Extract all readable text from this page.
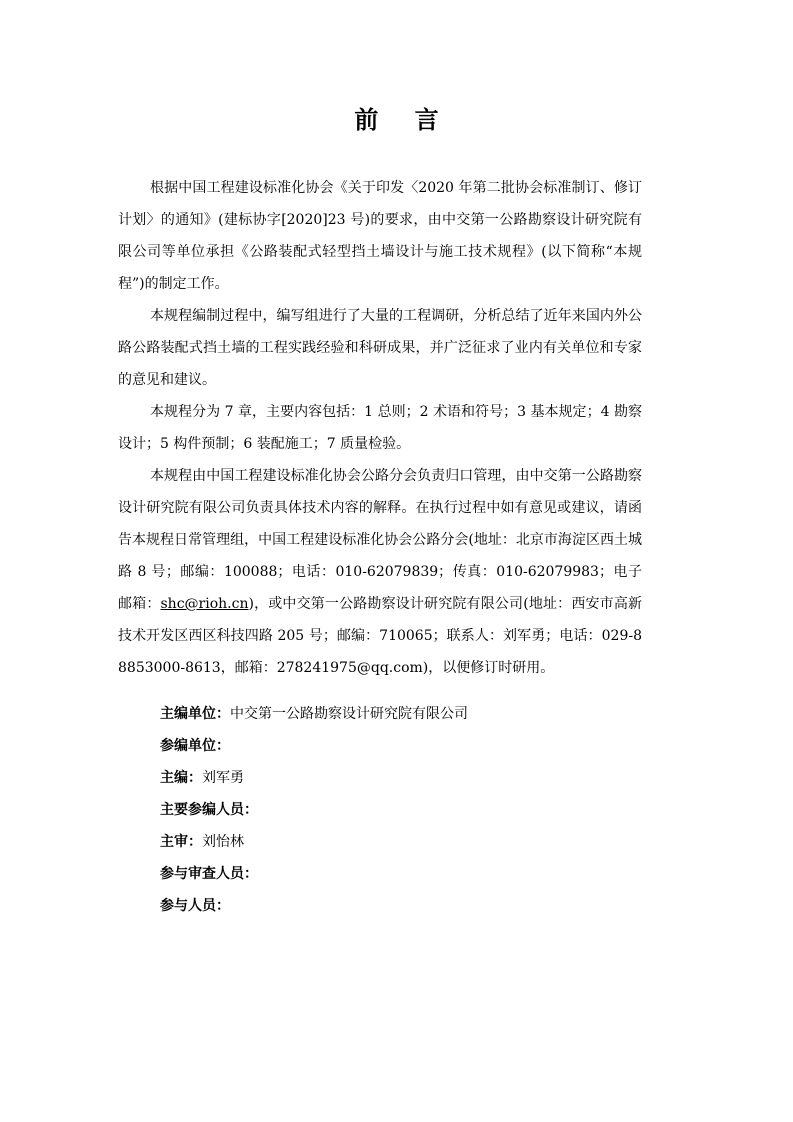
前 言

根据中国工程建设标准化协会《关于印发〈2020 年第二批协会标准制订、修订计划〉的通知》(建标协字[2020]23 号)的要求，由中交第一公路勘察设计研究院有限公司等单位承担《公路装配式轻型挡土墙设计与施工技术规程》(以下简称“本规程”)的制定工作。

本规程编制过程中，编写组进行了大量的工程调研，分析总结了近年来国内外公路公路装配式挡土墙的工程实践经验和科研成果，并广泛征求了业内有关单位和专家的意见和建议。

本规程分为 7 章，主要内容包括：1 总则；2 术语和符号；3 基本规定；4 勘察设计；5 构件预制；6 装配施工；7 质量检验。

本规程由中国工程建设标准化协会公路分会负责归口管理，由中交第一公路勘察设计研究院有限公司负责具体技术内容的解释。在执行过程中如有意见或建议，请函告本规程日常管理组，中国工程建设标准化协会公路分会(地址：北京市海淀区西土城路 8 号；邮编：100088；电话：010-62079839；传真：010-62079983；电子邮箱：shc@rioh.cn)，或中交第一公路勘察设计研究院有限公司(地址：西安市高新技术开发区西区科技四路 205 号；邮编：710065；联系人：刘军勇；电话：029-88853000-8613，邮箱：278241975@qq.com)，以便修订时研用。

主编单位：中交第一公路勘察设计研究院有限公司

参编单位：

主编：刘军勇

主要参编人员：

主审：刘怡林

参与审查人员：

参与人员：
